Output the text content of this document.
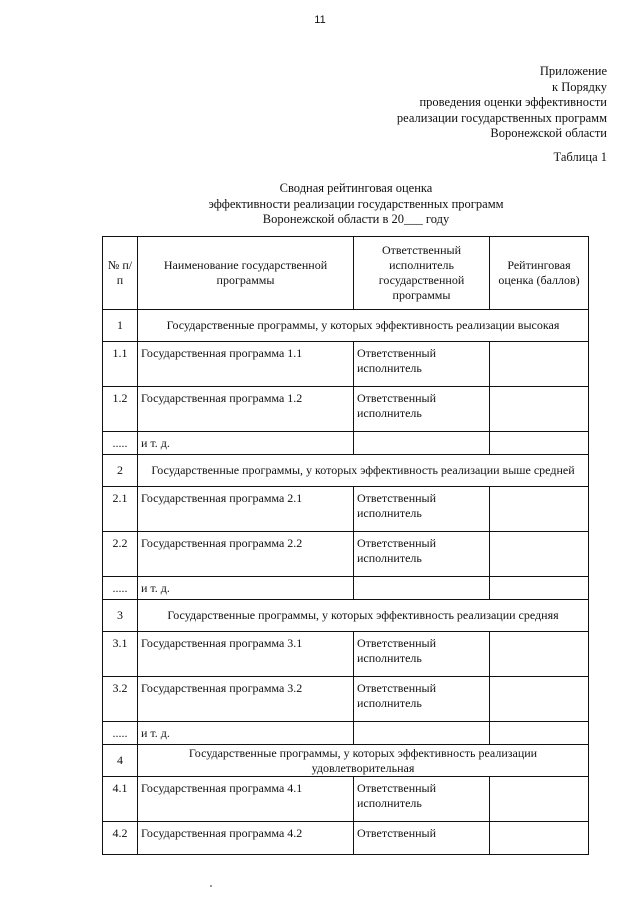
11
Приложение
к Порядку
проведения оценки эффективности
реализации государственных программ
Воронежской области
Таблица 1
Сводная рейтинговая оценка
эффективности реализации государственных программ
Воронежской области в 20___ году
№ п/п	Наименование государственной программы	Ответственный исполнитель государственной программы	Рейтинговая оценка (баллов)
1	Государственные программы, у которых эффективность реализации высокая		
1.1	Государственная программа 1.1	Ответственный исполнитель	
1.2	Государственная программа 1.2	Ответственный исполнитель	
.....	и т. д.		
2	Государственные программы, у которых эффективность реализации выше средней		
2.1	Государственная программа 2.1	Ответственный исполнитель	
2.2	Государственная программа 2.2	Ответственный исполнитель	
.....	и т. д.		
3	Государственные программы, у которых эффективность реализации средняя		
3.1	Государственная программа 3.1	Ответственный исполнитель	
3.2	Государственная программа 3.2	Ответственный исполнитель	
.....	и т. д.		
4	Государственные программы, у которых эффективность реализации удовлетворительная		
4.1	Государственная программа 4.1	Ответственный исполнитель	
4.2	Государственная программа 4.2	Ответственный	
